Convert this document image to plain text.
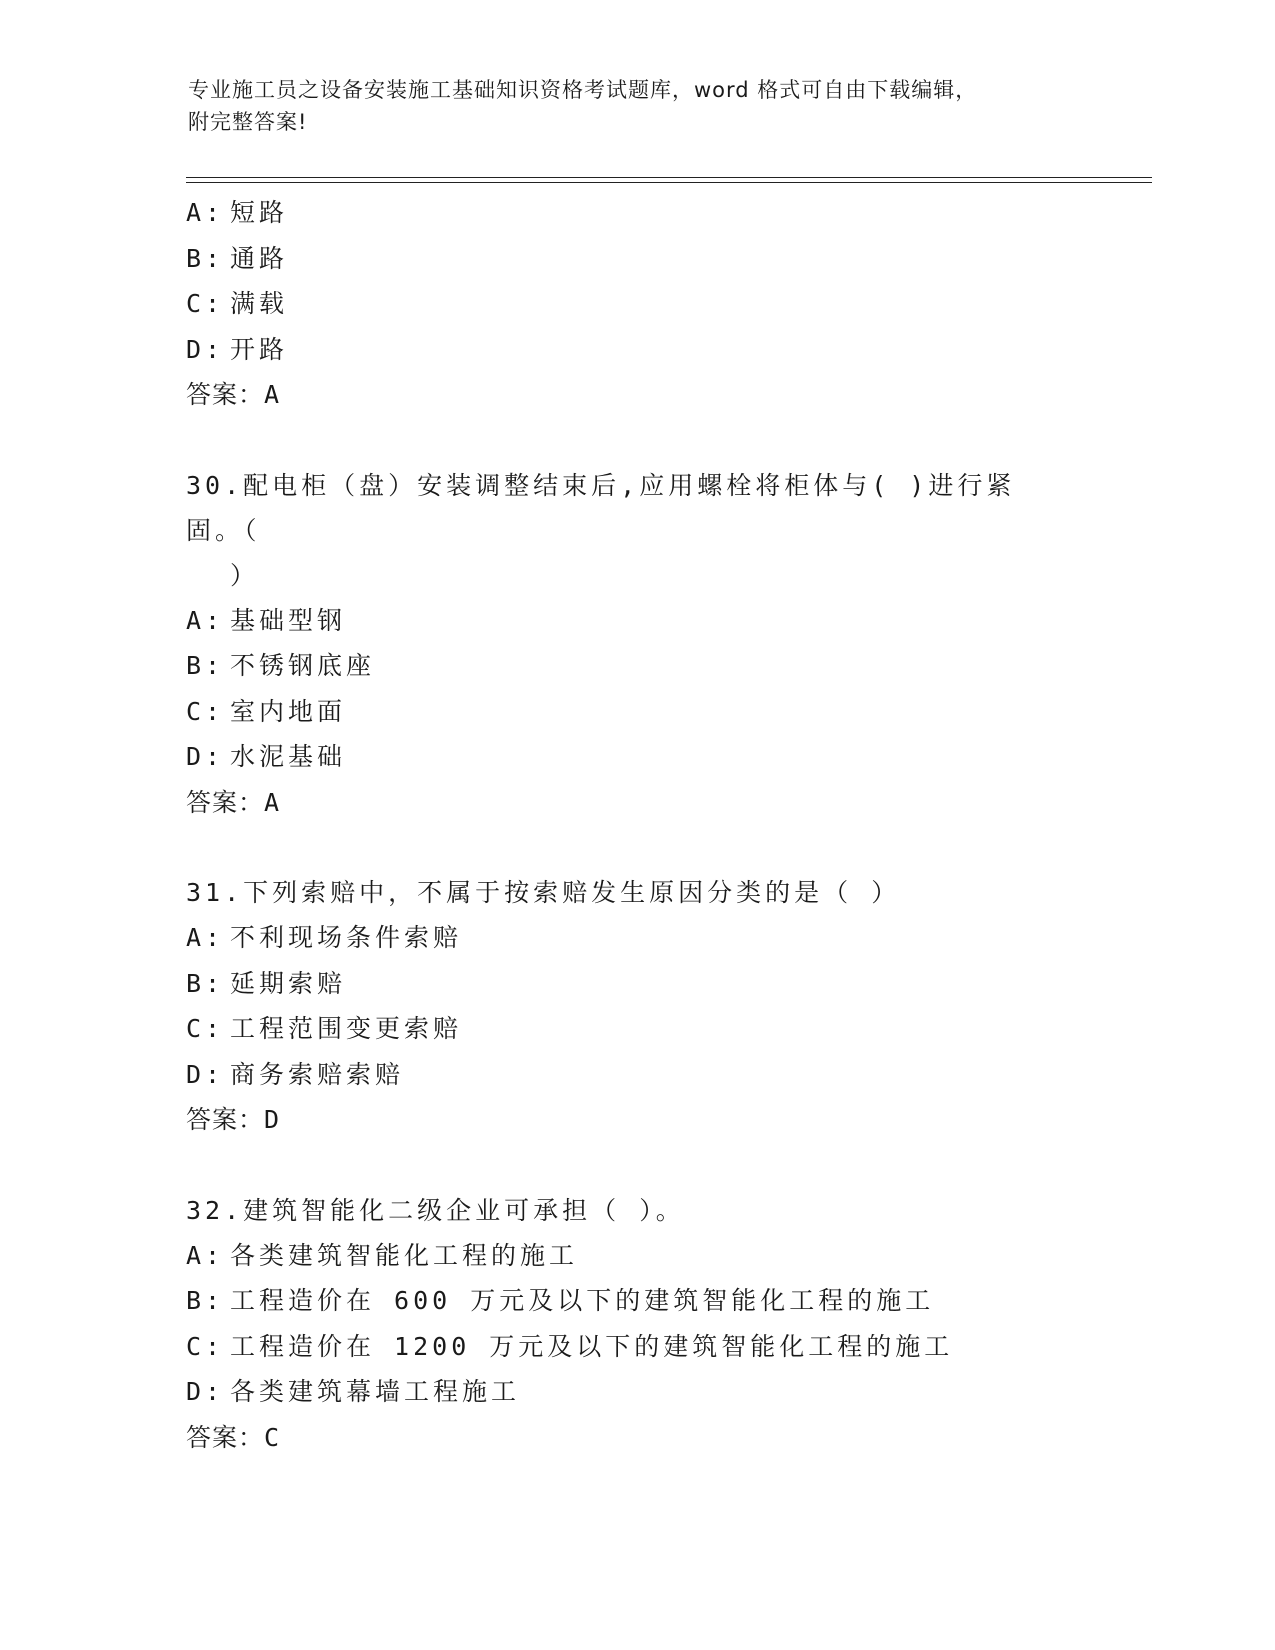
专业施工员之设备安装施工基础知识资格考试题库，word 格式可自由下载编辑，
附完整答案!
A: 短路
B: 通路
C: 满载
D: 开路
答案：A
30.配电柜（盘）安装调整结束后,应用螺栓将柜体与( )进行紧固。（
）
A: 基础型钢
B: 不锈钢底座
C: 室内地面
D: 水泥基础
答案：A
31.下列索赔中，不属于按索赔发生原因分类的是（ ）
A: 不利现场条件索赔
B: 延期索赔
C: 工程范围变更索赔
D: 商务索赔索赔
答案：D
32.建筑智能化二级企业可承担（ ）。
A: 各类建筑智能化工程的施工
B: 工程造价在 600 万元及以下的建筑智能化工程的施工
C: 工程造价在 1200 万元及以下的建筑智能化工程的施工
D: 各类建筑幕墙工程施工
答案：C
